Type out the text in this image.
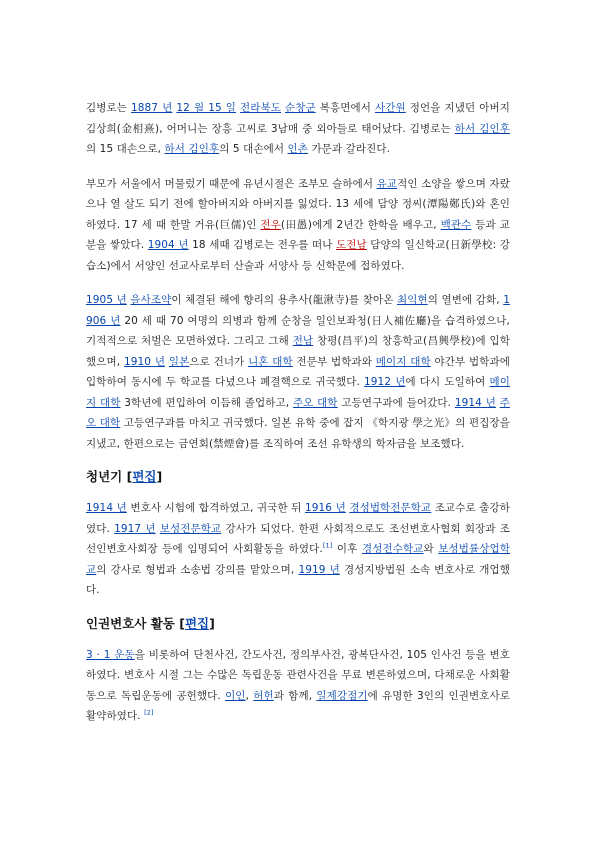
김병로는 1887 년 12 월 15 일 전라북도 순창군 복흥면에서 사간원 정언을 지냈던 아버지 김상희(金相熹), 어머니는 장흥 고씨로 3남매 중 외아들로 태어났다. 김병로는 하서 김인후의 15 대손으로, 하서 김인후의 5 대손에서 인촌 가문과 갈라진다.

부모가 서울에서 머물렀기 때문에 유년시절은 조부모 슬하에서 유교적인 소양을 쌓으며 자랐으나 열 살도 되기 전에 할아버지와 아버지를 잃었다. 13 세에 담양 정씨(潭陽鄭氏)와 혼인하였다. 17 세 때 한말 거유(巨儒)인 전우(田愚)에게 2년간 한학을 배우고, 백관수 등과 교분을 쌓았다. 1904 년 18 세때 김병로는 전우를 떠나 도전남 담양의 일신학교(日新學校: 강습소)에서 서양인 선교사로부터 산술과 서양사 등 신학문에 접하였다.

1905 년 을사조약이 체결된 해에 향리의 용추사(龍湫寺)를 찾아온 최익현의 열변에 감화, 1906 년 20 세 때 70 여명의 의병과 함께 순창을 일인보좌청(日人補佐廳)을 습격하였으나, 기적적으로 처벌은 모면하였다. 그리고 그해 전남 창평(昌平)의 창흥학교(昌興學校)에 입학했으며, 1910 년 일본으로 건너가 니혼 대학 전문부 법학과와 메이지 대학 야간부 법학과에 입학하여 동시에 두 학교를 다녔으나 폐결핵으로 귀국했다. 1912 년에 다시 도일하여 메이지 대학 3학년에 편입하여 이듬해 졸업하고, 주오 대학 고등연구과에 들어갔다. 1914 년 주오 대학 고등연구과를 마치고 귀국했다. 일본 유학 중에 잡지 《학지광 學之光》의 편집장을 지냈고, 한편으로는 금연회(禁煙會)를 조직하여 조선 유학생의 학자금을 보조했다.

청년기 [편집]

1914 년 변호사 시험에 합격하였고, 귀국한 뒤 1916 년 경성법학전문학교 조교수로 출강하였다. 1917 년 보성전문학교 강사가 되었다. 한편 사회적으로도 조선변호사협회 회장과 조선인변호사회장 등에 임명되어 사회활동을 하였다.[1] 이후 경성전수학교와 보성법률상업학교의 강사로 형법과 소송법 강의를 맡았으며, 1919 년 경성지방법원 소속 변호사로 개업했다.

인권변호사 활동 [편집]

3 · 1 운동을 비롯하여 단천사건, 간도사건, 정의부사건, 광복단사건, 105 인사건 등을 변호하였다. 변호사 시절 그는 수많은 독립운동 관련사건을 무료 변론하였으며, 다채로운 사회활동으로 독립운동에 공헌했다. 이인, 허헌과 함께, 일제강점기에 유명한 3인의 인권변호사로 활약하였다. [2]
